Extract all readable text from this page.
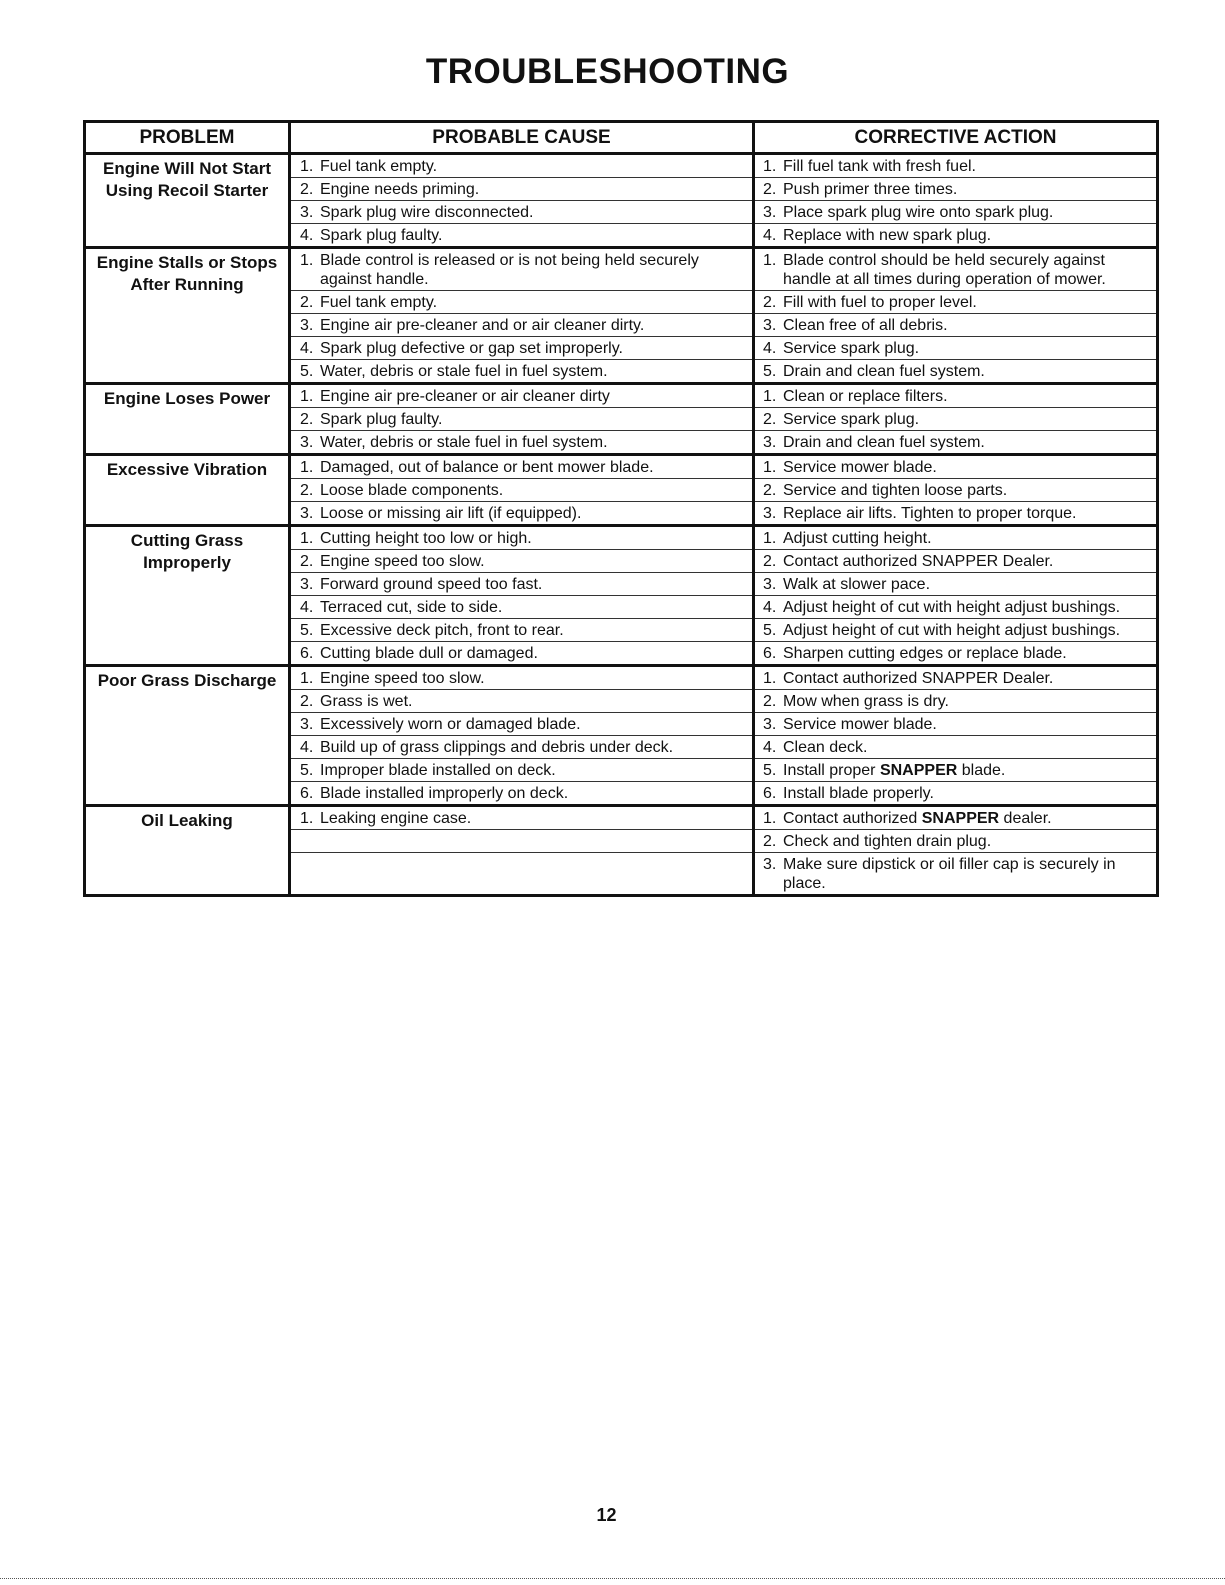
TROUBLESHOOTING
PROBLEM	PROBABLE CAUSE	CORRECTIVE ACTION
Engine Will Not Start Using Recoil Starter	1. Fuel tank empty.	1. Fill fuel tank with fresh fuel.

	2. Engine needs priming.	2. Push primer three times.

	3. Spark plug wire disconnected.	3. Place spark plug wire onto spark plug.

	4. Spark plug faulty.	4. Replace with new spark plug.

Engine Stalls or Stops After Running	1. Blade control is released or is not being held securely against handle.	1. Blade control should be held securely against handle at all times during operation of mower.

	2. Fuel tank empty.	2. Fill with fuel to proper level.

	3. Engine air pre-cleaner and or air cleaner dirty.	3. Clean free of all debris.

	4. Spark plug defective or gap set improperly.	4. Service spark plug.

	5. Water, debris or stale fuel in fuel system.	5. Drain and clean fuel system.

Engine Loses Power	1. Engine air pre-cleaner or air cleaner dirty	1. Clean or replace filters.

	2. Spark plug faulty.	2. Service spark plug.

	3. Water, debris or stale fuel in fuel system.	3. Drain and clean fuel system.

Excessive Vibration	1. Damaged, out of balance or bent mower blade.	1. Service mower blade.

	2. Loose blade components.	2. Service and tighten loose parts.

	3. Loose or missing air lift (if equipped).	3. Replace air lifts. Tighten to proper torque.

Cutting Grass Improperly	1. Cutting height too low or high.	1. Adjust cutting height.

	2. Engine speed too slow.	2. Contact authorized SNAPPER Dealer.

	3. Forward ground speed too fast.	3. Walk at slower pace.

	4. Terraced cut, side to side.	4. Adjust height of cut with height adjust bushings.

	5. Excessive deck pitch, front to rear.	5. Adjust height of cut with height adjust bushings.

	6. Cutting blade dull or damaged.	6. Sharpen cutting edges or replace blade.

Poor Grass Discharge	1. Engine speed too slow.	1. Contact authorized SNAPPER Dealer.

	2. Grass is wet.	2. Mow when grass is dry.

	3. Excessively worn or damaged blade.	3. Service mower blade.

	4. Build up of grass clippings and debris under deck.	4. Clean deck.

	5. Improper blade installed on deck.	5. Install proper SNAPPER blade.

	6. Blade installed improperly on deck.	6. Install blade properly.

Oil Leaking	1. Leaking engine case.	1. Contact authorized SNAPPER dealer.

		2. Check and tighten drain plug.

		3. Make sure dipstick or oil filler cap is securely in place.
12
